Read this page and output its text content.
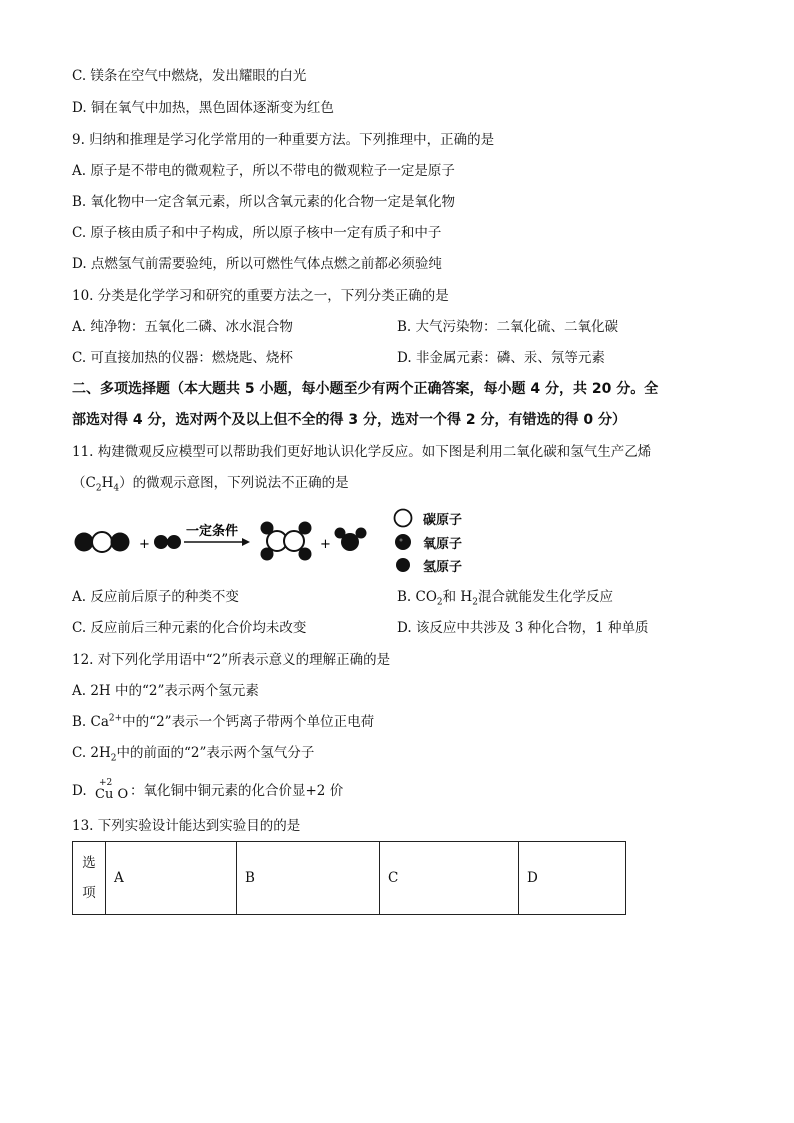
C. 镁条在空气中燃烧，发出耀眼的白光
D. 铜在氧气中加热，黑色固体逐渐变为红色
9. 归纳和推理是学习化学常用的一种重要方法。下列推理中，正确的是
A. 原子是不带电的微观粒子，所以不带电的微观粒子一定是原子
B. 氧化物中一定含氧元素，所以含氧元素的化合物一定是氧化物
C. 原子核由质子和中子构成，所以原子核中一定有质子和中子
D. 点燃氢气前需要验纯，所以可燃性气体点燃之前都必须验纯
10. 分类是化学学习和研究的重要方法之一，下列分类正确的是
A. 纯净物：五氧化二磷、冰水混合物	B. 大气污染物：二氧化硫、二氧化碳
C. 可直接加热的仪器：燃烧匙、烧杯	D. 非金属元素：磷、汞、氖等元素
二、多项选择题（本大题共 5 小题，每小题至少有两个正确答案，每小题 4 分，共 20 分。全
部选对得 4 分，选对两个及以上但不全的得 3 分，选对一个得 2 分，有错选的得 0 分）
11. 构建微观反应模型可以帮助我们更好地认识化学反应。如下图是利用二氧化碳和氢气生产乙烯
$(C_2H_4)$的微观示意图，下列说法不正确的是
+
一定条件
+
碳原子
氧原子
氢原子
A. 反应前后原子的种类不变	B. $CO_2$和 $H_2$混合就能发生化学反应
C. 反应前后三种元素的化合价均未改变	D. 该反应中共涉及 3 种化合物，1 种单质
12. 对下列化学用语中“2”所表示意义的理解正确的是
A. 2H 中的“2”表示两个氢元素
B. $Ca^{2+}$中的“2”表示一个钙离子带两个单位正电荷
C. $2H_2$中的前面的“2”表示两个氢气分子
D. +2
Cu O ：氧化铜中铜元素的化合价显+2 价
13. 下列实验设计能达到实验目的的是
选
项
	A	B	C	D
